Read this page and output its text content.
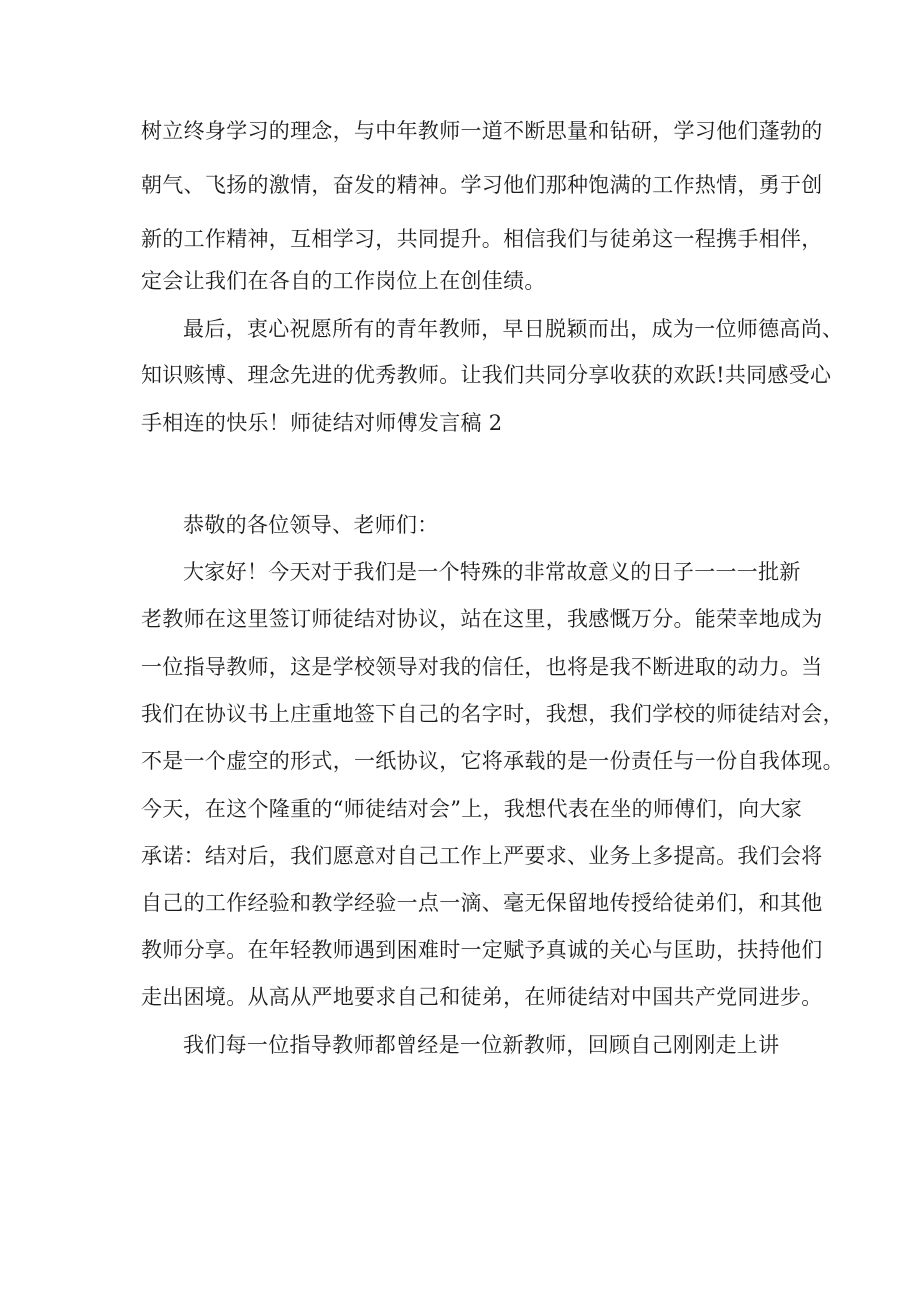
树立终身学习的理念，与中年教师一道不断思量和钻研，学习他们蓬勃的
朝气、飞扬的激情，奋发的精神。学习他们那种饱满的工作热情，勇于创
新的工作精神，互相学习，共同提升。相信我们与徒弟这一程携手相伴，
定会让我们在各自的工作岗位上在创佳绩。
最后，衷心祝愿所有的青年教师，早日脱颖而出，成为一位师德高尚、
知识赅博、理念先进的优秀教师。让我们共同分享收获的欢跃!共同感受心
手相连的快乐！师徒结对师傅发言稿 2
恭敬的各位领导、老师们：
大家好！今天对于我们是一个特殊的非常故意义的日子一一一批新
老教师在这里签订师徒结对协议，站在这里，我感慨万分。能荣幸地成为
一位指导教师，这是学校领导对我的信任，也将是我不断进取的动力。当
我们在协议书上庄重地签下自己的名字时，我想，我们学校的师徒结对会，
不是一个虚空的形式，一纸协议，它将承载的是一份责任与一份自我体现。
今天，在这个隆重的“师徒结对会”上，我想代表在坐的师傅们，向大家
承诺：结对后，我们愿意对自己工作上严要求、业务上多提高。我们会将
自己的工作经验和教学经验一点一滴、毫无保留地传授给徒弟们，和其他
教师分享。在年轻教师遇到困难时一定赋予真诚的关心与匡助，扶持他们
走出困境。从高从严地要求自己和徒弟，在师徒结对中国共产党同进步。
我们每一位指导教师都曾经是一位新教师，回顾自己刚刚走上讲
